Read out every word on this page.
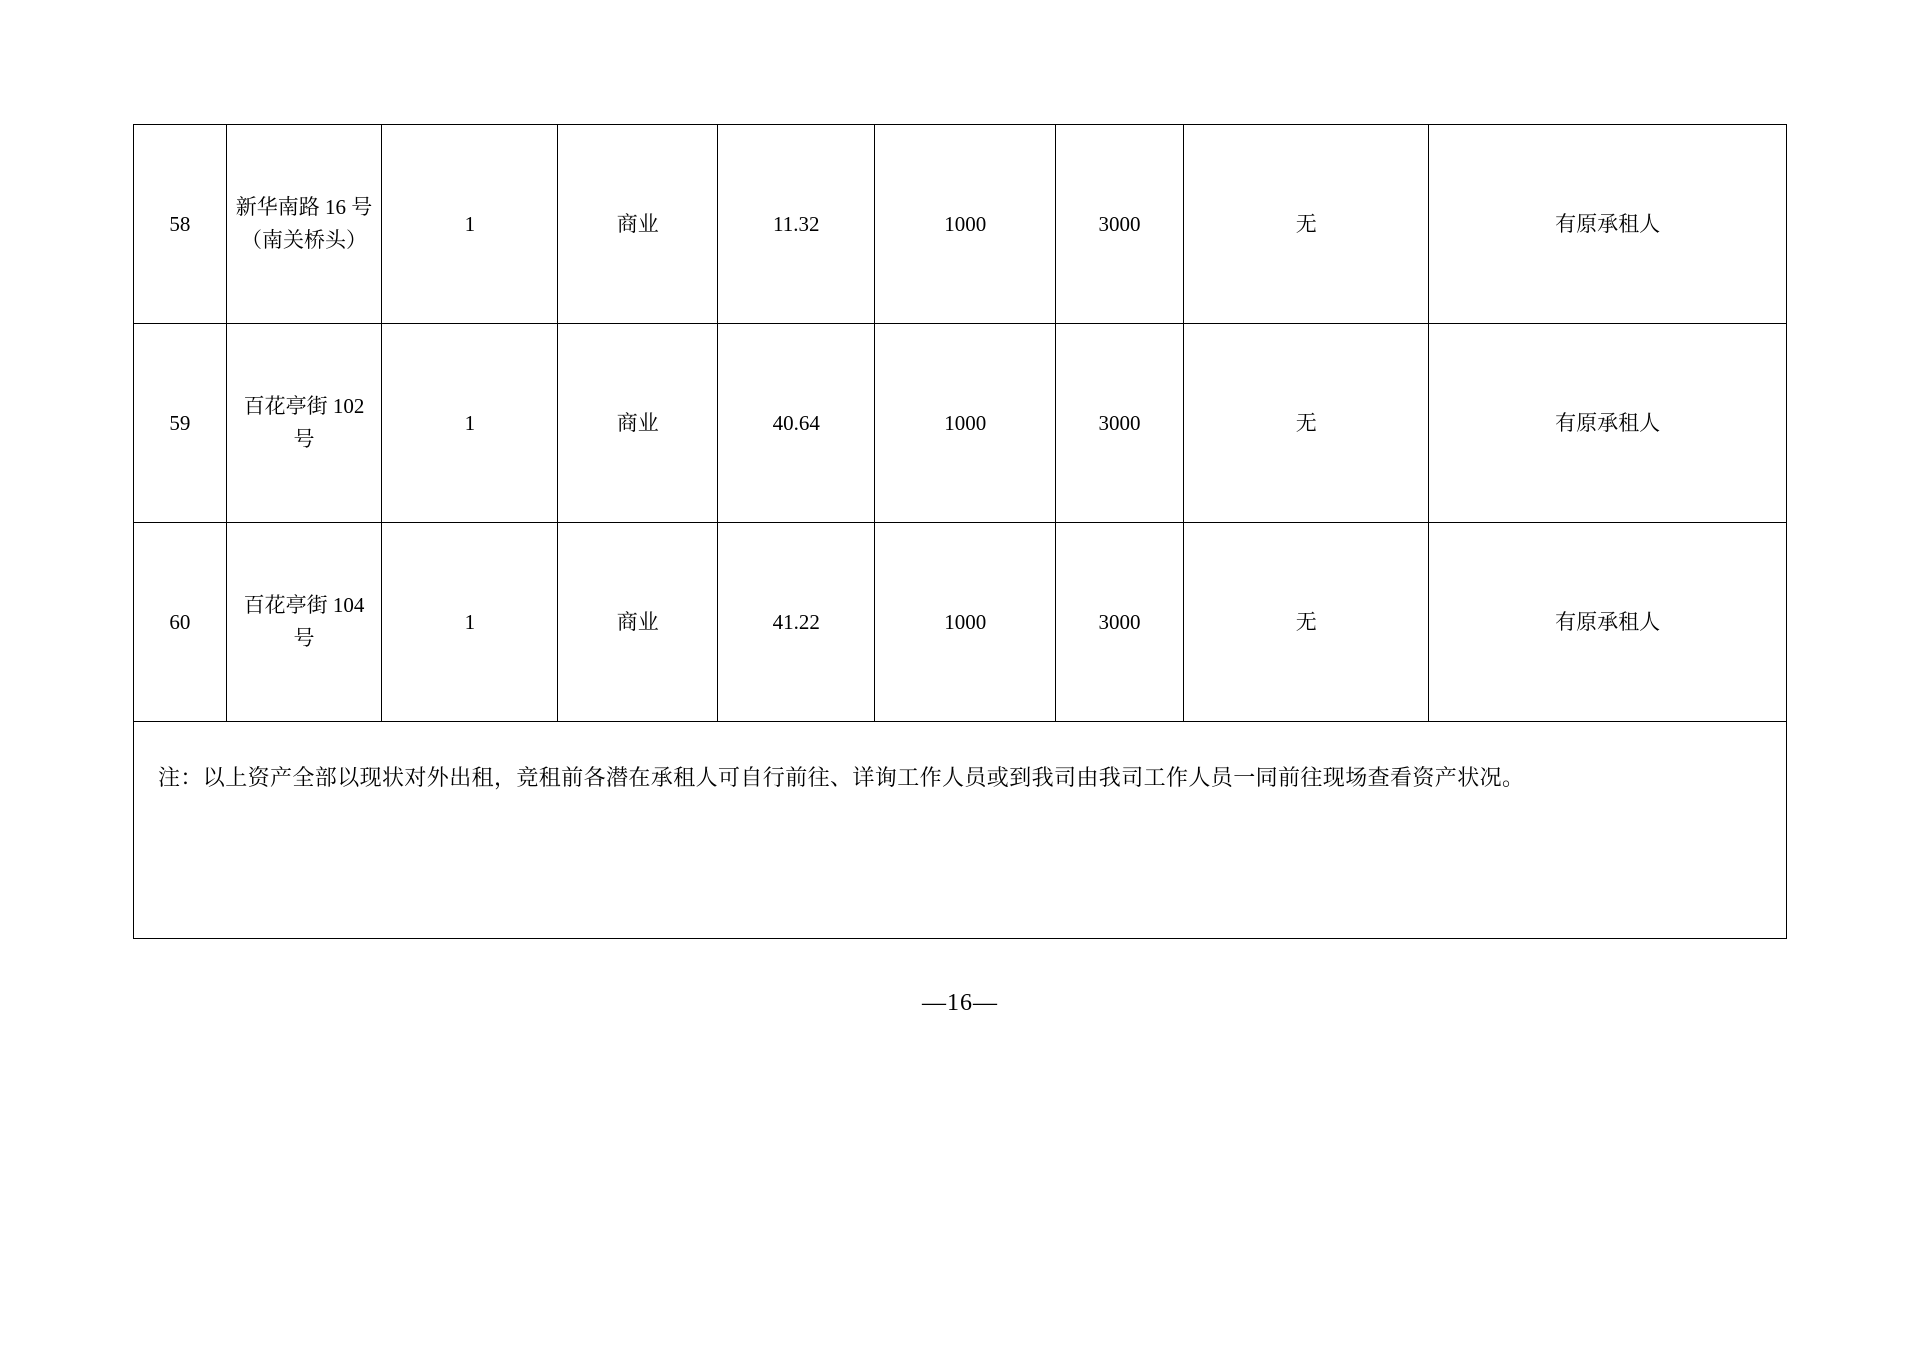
58	新华南路 16 号（南关桥头）	1	商业	11.32	1000	3000	无	有原承租人
59	百花亭街 102 号	1	商业	40.64	1000	3000	无	有原承租人
60	百花亭街 104 号	1	商业	41.22	1000	3000	无	有原承租人
注：以上资产全部以现状对外出租，竞租前各潜在承租人可自行前往、详询工作人员或到我司由我司工作人员一同前往现场查看资产状况。								
—16—
